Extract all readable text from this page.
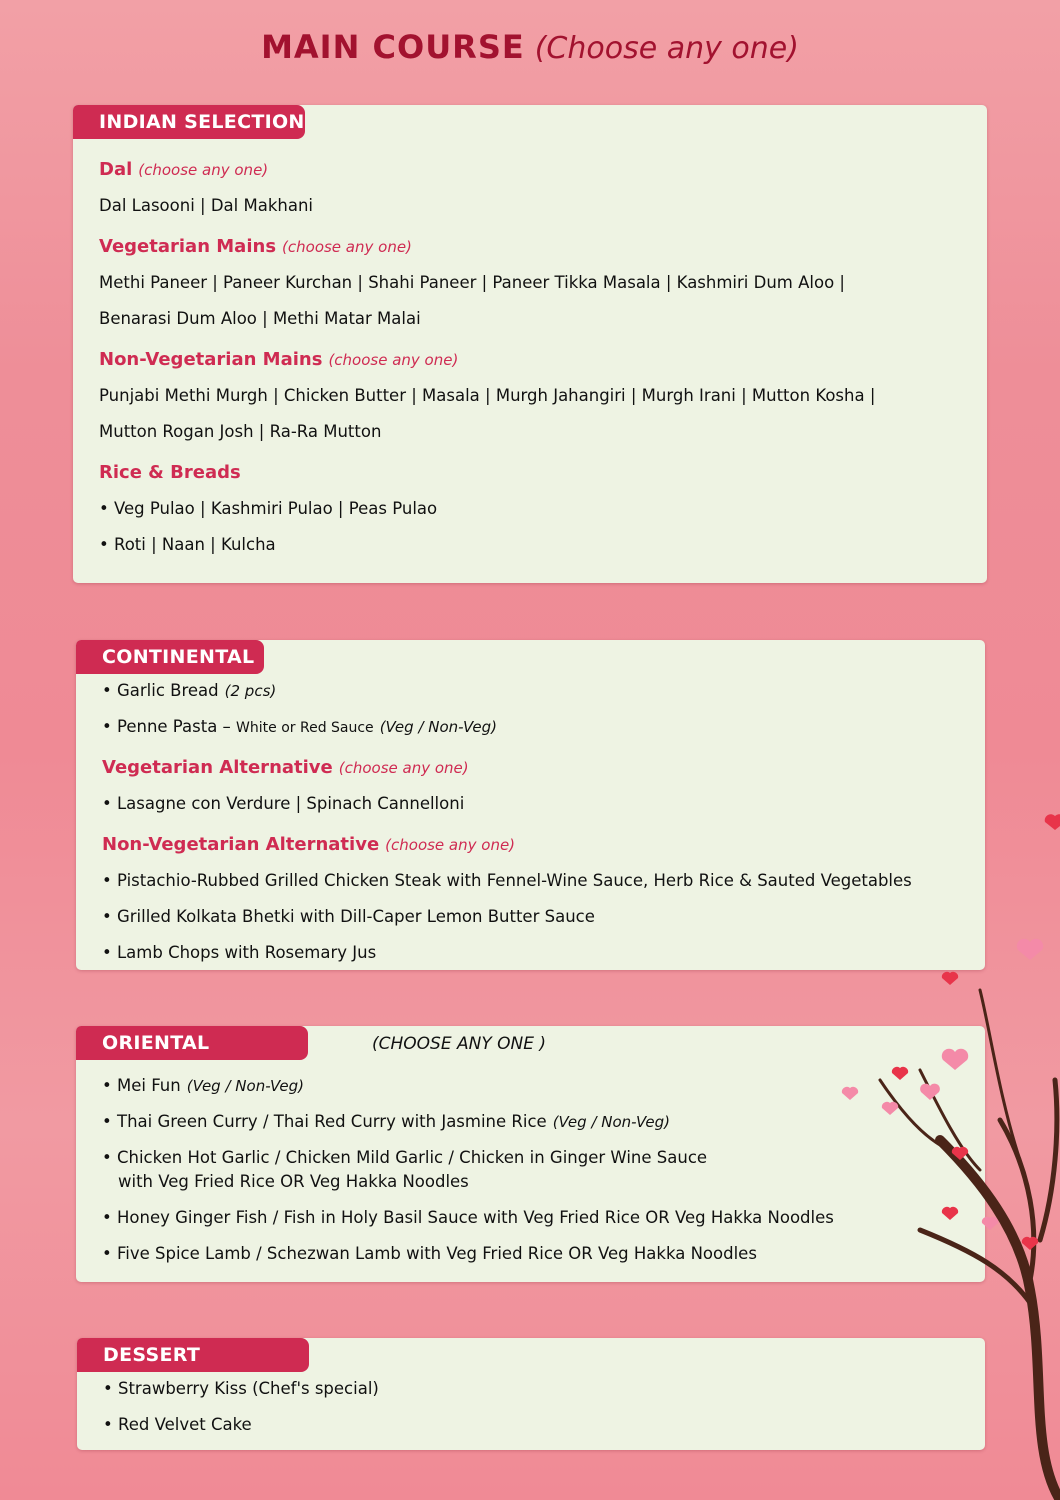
MAIN COURSE (Choose any one)
INDIAN SELECTION
Dal (choose any one)
Dal Lasooni | Dal Makhani
Vegetarian Mains (choose any one)
Methi Paneer | Paneer Kurchan | Shahi Paneer | Paneer Tikka Masala | Kashmiri Dum Aloo |
Benarasi Dum Aloo | Methi Matar Malai
Non-Vegetarian Mains (choose any one)
Punjabi Methi Murgh | Chicken Butter | Masala | Murgh Jahangiri | Murgh Irani | Mutton Kosha |
Mutton Rogan Josh | Ra-Ra Mutton
Rice & Breads
• Veg Pulao | Kashmiri Pulao | Peas Pulao
• Roti | Naan | Kulcha
CONTINENTAL
• Garlic Bread (2 pcs)
• Penne Pasta – White or Red Sauce (Veg / Non-Veg)
Vegetarian Alternative (choose any one)
• Lasagne con Verdure | Spinach Cannelloni
Non-Vegetarian Alternative (choose any one)
• Pistachio-Rubbed Grilled Chicken Steak with Fennel-Wine Sauce, Herb Rice & Sauted Vegetables
• Grilled Kolkata Bhetki with Dill-Caper Lemon Butter Sauce
• Lamb Chops with Rosemary Jus
ORIENTAL	(CHOOSE ANY ONE )
• Mei Fun (Veg / Non-Veg)
• Thai Green Curry / Thai Red Curry with Jasmine Rice (Veg / Non-Veg)
• Chicken Hot Garlic / Chicken Mild Garlic / Chicken in Ginger Wine Sauce
with Veg Fried Rice OR Veg Hakka Noodles
• Honey Ginger Fish / Fish in Holy Basil Sauce with Veg Fried Rice OR Veg Hakka Noodles
• Five Spice Lamb / Schezwan Lamb with Veg Fried Rice OR Veg Hakka Noodles
DESSERT
• Strawberry Kiss (Chef's special)
• Red Velvet Cake
